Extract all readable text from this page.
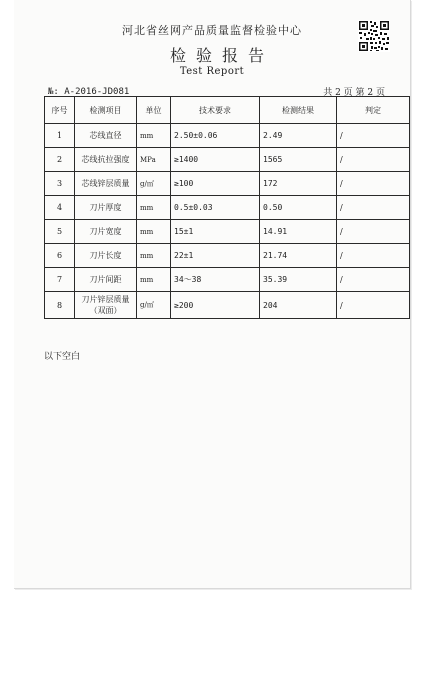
河北省丝网产品质量监督检验中心
检验报告
Test Report
№: A-2016-JD081	共 2 页 第 2 页
序号	检测项目	单位	技术要求	检测结果	判定
1	芯线直径	mm	2.50±0.06	2.49	/
2	芯线抗拉强度	MPa	≥1400	1565	/
3	芯线锌层质量	g/㎡	≥100	172	/
4	刀片厚度	mm	0.5±0.03	0.50	/
5	刀片宽度	mm	15±1	14.91	/
6	刀片长度	mm	22±1	21.74	/
7	刀片间距	mm	34～38	35.39	/
8	刀片锌层质量（双面）	g/㎡	≥200	204	/
以下空白
